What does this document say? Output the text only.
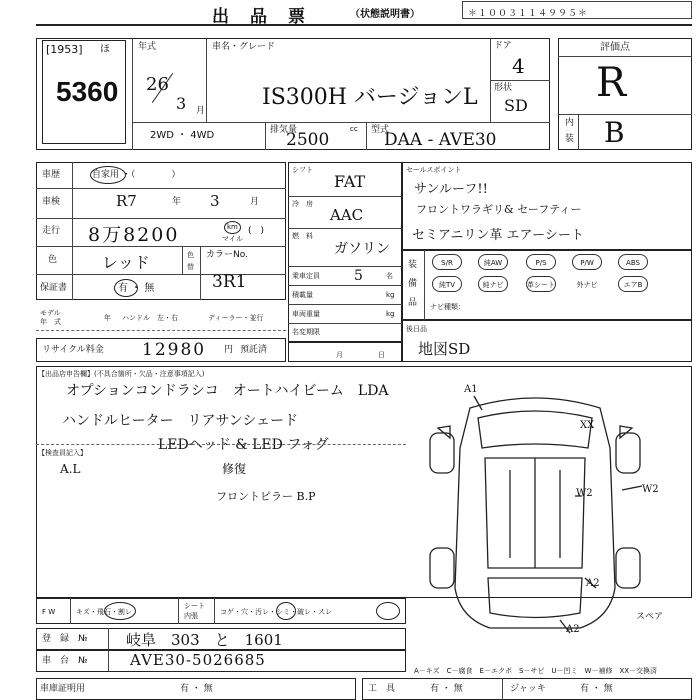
出　品　票	（状態説明書）	＊１００３１１４９９５＊
[1953] ほ
5360
年式
26
3 月
車名・グレード
IS300H バージョンL
ドア
4
形状
SD
2WD ・ 4WD	排気量
2500
cc 型式
DAA - AVE30
評価点
R
内
装 B
車歴	自家用 ・（　　　　）
車検	R7	年 3	月
走行 8万8200	km
マイル
(　)
色	レッド	色
替
カラーNo.
保証書	有 ・ 無	3R1
モデル
年　式	年 ハンドル　左・右	ディーラー・並行
リサイクル料金 12980 円 預託済
シフト
FAT
冷　房
AAC
燃　料
ガソリン
乗車定員 5	名
積載量	kg
車両重量	kg
名変期限
月	日
セールスポイント
サンルーフ!!
フロントワラギリ& セーフティー
セミアニリン革 エアーシート
装
備
品
S/R	純AW	P/S	P/W	ABS
純TV	純ナビ	革シート	外ナビ	エアB
ナビ種類：
後日品
地図SD
【出品店申告欄】(不具合箇所・欠品・注意事項記入)
オプションコンドラシコ　オートハイビーム　LDA
ハンドルヒーター　リアサンシェード
LEDヘッド & LED フォグ
【検査員記入】
A.L	修復
フロントピラー B.P
A1
XX
W2	W2
A2
A2
スペア
F W	キズ・飛石・割レ
シート
内張	コゲ・穴・汚レ・シミ・破レ・スレ
登　録　№	岐阜　303　と　1601
車　台　№	AVE30-5026685
A－キズ　C－腐食　E－エクボ　S－サビ　U－凹ミ　W－補修　XX－交換済
車庫証明用	有 ・ 無	工　具	有 ・ 無	ジャッキ	有 ・ 無
